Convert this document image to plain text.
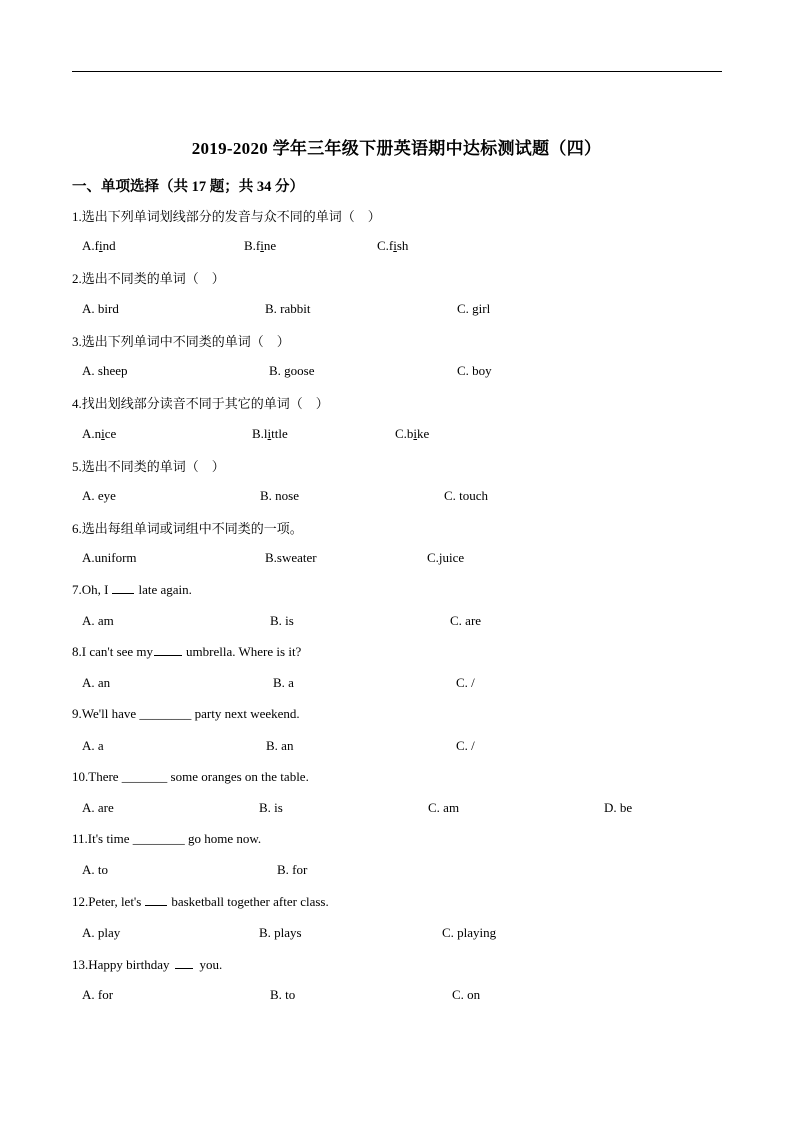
2019-2020 学年三年级下册英语期中达标测试题（四）
一、单项选择（共 17 题；共 34 分）
1.选出下列单词划线部分的发音与众不同的单词（　）
A.find	B.fine	C.fish
2.选出不同类的单词（　）
A. bird	B. rabbit	C. girl
3.选出下列单词中不同类的单词（　）
A. sheep	B. goose	C. boy
4.找出划线部分读音不同于其它的单词（　）
A.nice	B.little	C.bike
5.选出不同类的单词（　）
A. eye	B. nose	C. touch
6.选出每组单词或词组中不同类的一项。
A.uniform	B.sweater	C.juice
7.Oh, I late again.
A. am	B. is	C. are
8.I can't see my	umbrella. Where is it?
A. an	B. a	C. /
9.We'll have ________ party next weekend.
A. a	B. an	C. /
10.There _______ some oranges on the table.
A. are	B. is	C. am	D. be
11.It's time ________ go home now.
A. to	B. for
12.Peter, let's basketball together after class.
A. play	B. plays	C. playing
13.Happy birthday you.
A. for	B. to	C. on
